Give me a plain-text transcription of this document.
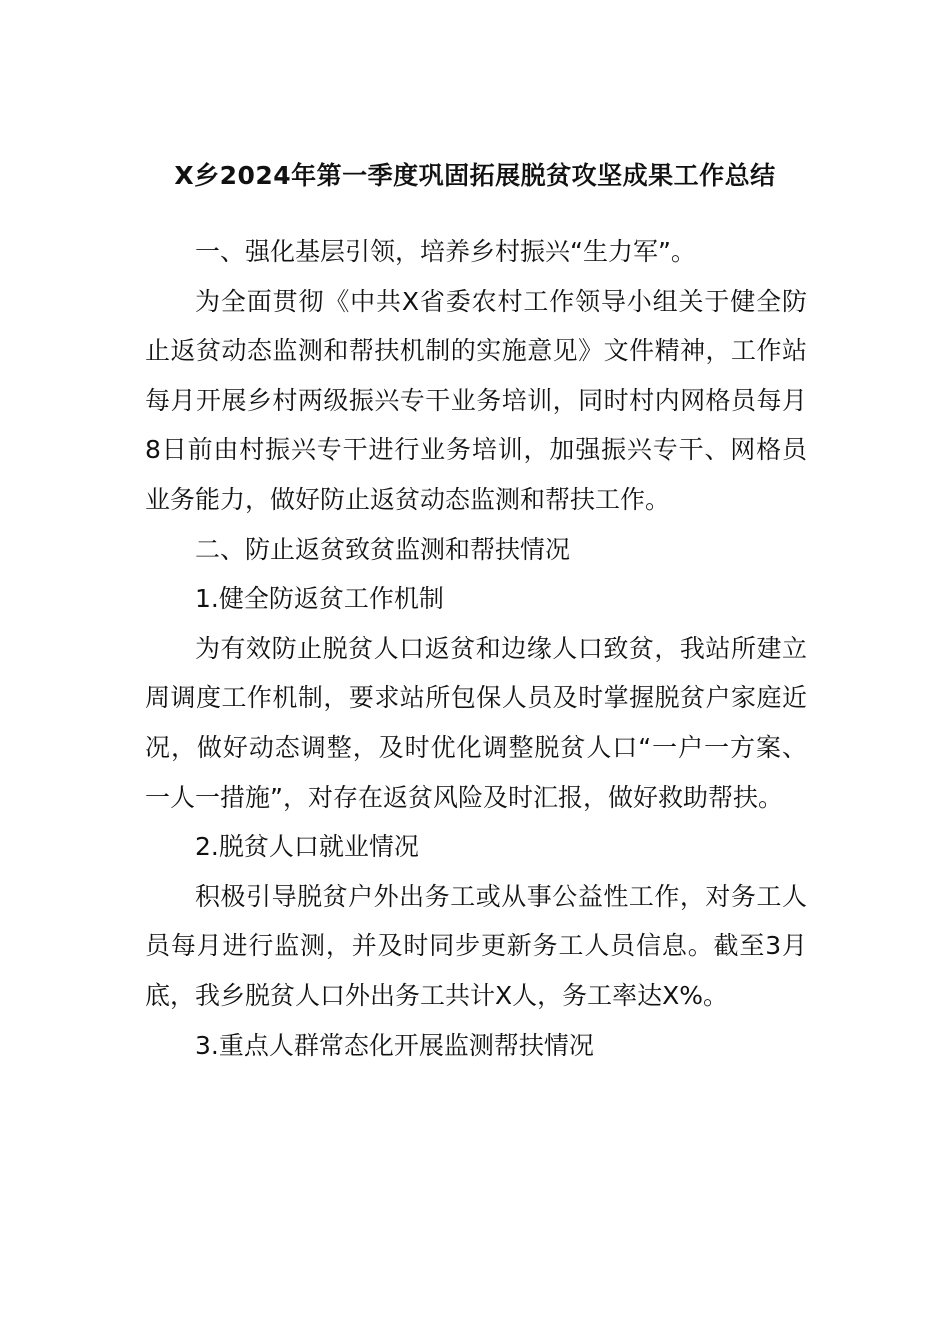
X乡2024年第一季度巩固拓展脱贫攻坚成果工作总结

一、强化基层引领，培养乡村振兴“生力军”。

为全面贯彻《中共X省委农村工作领导小组关于健全防止返贫动态监测和帮扶机制的实施意见》文件精神，工作站每月开展乡村两级振兴专干业务培训，同时村内网格员每月8日前由村振兴专干进行业务培训，加强振兴专干、网格员业务能力，做好防止返贫动态监测和帮扶工作。

二、防止返贫致贫监测和帮扶情况

1.健全防返贫工作机制

为有效防止脱贫人口返贫和边缘人口致贫，我站所建立周调度工作机制，要求站所包保人员及时掌握脱贫户家庭近况，做好动态调整，及时优化调整脱贫人口“一户一方案、一人一措施”，对存在返贫风险及时汇报，做好救助帮扶。

2.脱贫人口就业情况

积极引导脱贫户外出务工或从事公益性工作，对务工人员每月进行监测，并及时同步更新务工人员信息。截至3月底，我乡脱贫人口外出务工共计X人，务工率达X%。

3.重点人群常态化开展监测帮扶情况
